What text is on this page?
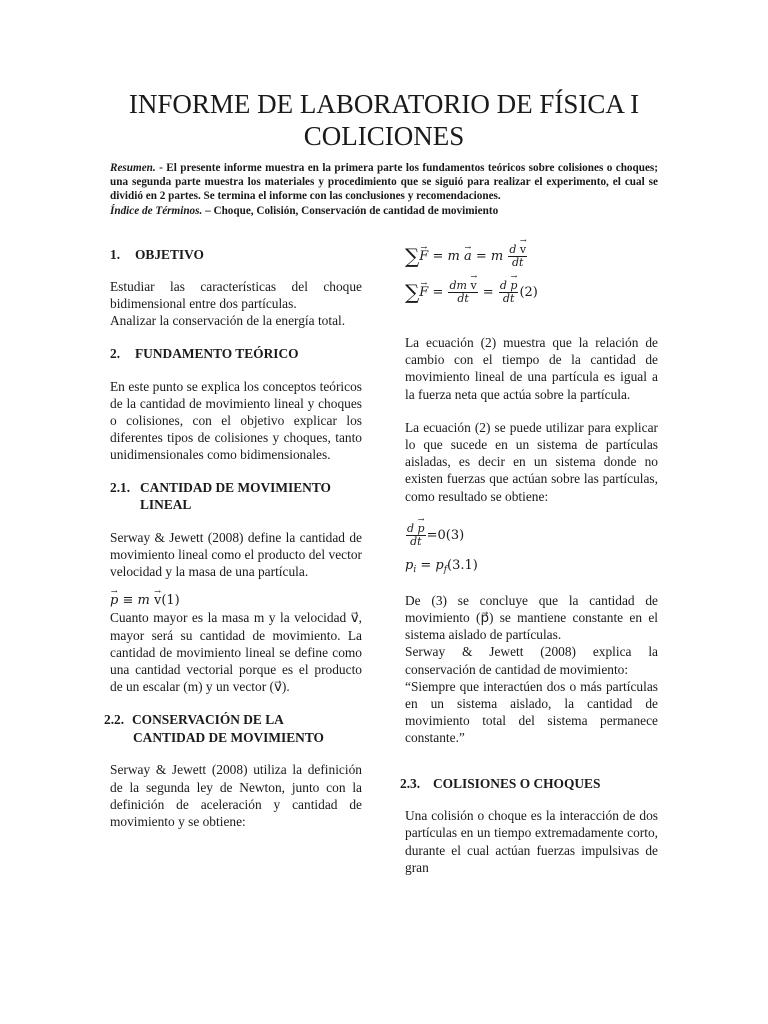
INFORME DE LABORATORIO DE FÍSICA I
COLICIONES

Resumen. - El presente informe muestra en la primera parte los fundamentos teóricos sobre colisiones o choques; una segunda parte muestra los materiales y procedimiento que se siguió para realizar el experimento, el cual se dividió en 2 partes. Se termina el informe con las conclusiones y recomendaciones.
Índice de Términos. – Choque, Colisión, Conservación de cantidad de movimiento

1. OBJETIVO

Estudiar las características del choque bidimensional entre dos partículas.

Analizar la conservación de la energía total.

2. FUNDAMENTO TEÓRICO

En este punto se explica los conceptos teóricos de la cantidad de movimiento lineal y choques o colisiones, con el objetivo explicar los diferentes tipos de colisiones y choques, tanto unidimensionales como bidimensionales.

2.1. CANTIDAD DE MOVIMIENTO
LINEAL

Serway & Jewett (2008) define la cantidad de movimiento lineal como el producto del vector velocidad y la masa de una partícula.

→ p ≡ m → v(1)

Cuanto mayor es la masa m y la velocidad v⃗, mayor será su cantidad de movimiento. La cantidad de movimiento lineal se define como una cantidad vectorial porque es el producto de un escalar (m) y un vector (v⃗).

2.2. CONSERVACIÓN DE LA
CANTIDAD DE MOVIMIENTO

Serway & Jewett (2008) utiliza la definición de la segunda ley de Newton, junto con la definición de aceleración y cantidad de movimiento y se obtiene:

∑→ F = m → a = m $\frac{d \to v}{dt}$
∑→ $F = \frac{dm \to v}{dt} = \frac{d \to p}{dt} (2)$

La ecuación (2) muestra que la relación de cambio con el tiempo de la cantidad de movimiento lineal de una partícula es igual a la fuerza neta que actúa sobre la partícula.

La ecuación (2) se puede utilizar para explicar lo que sucede en un sistema de partículas aisladas, es decir en un sistema donde no existen fuerzas que actúan sobre las partículas, como resultado se obtiene:

$\frac{d \to p}{dt} =0(3)$
$p_i = p_f(3.1)$

De (3) se concluye que la cantidad de movimiento (p⃗) se mantiene constante en el sistema aislado de partículas.

Serway & Jewett (2008) explica la conservación de cantidad de movimiento:

“Siempre que interactúen dos o más partículas en un sistema aislado, la cantidad de movimiento total del sistema permanece constante.”

2.3. COLISIONES O CHOQUES

Una colisión o choque es la interacción de dos partículas en un tiempo extremadamente corto, durante el cual actúan fuerzas impulsivas de gran
